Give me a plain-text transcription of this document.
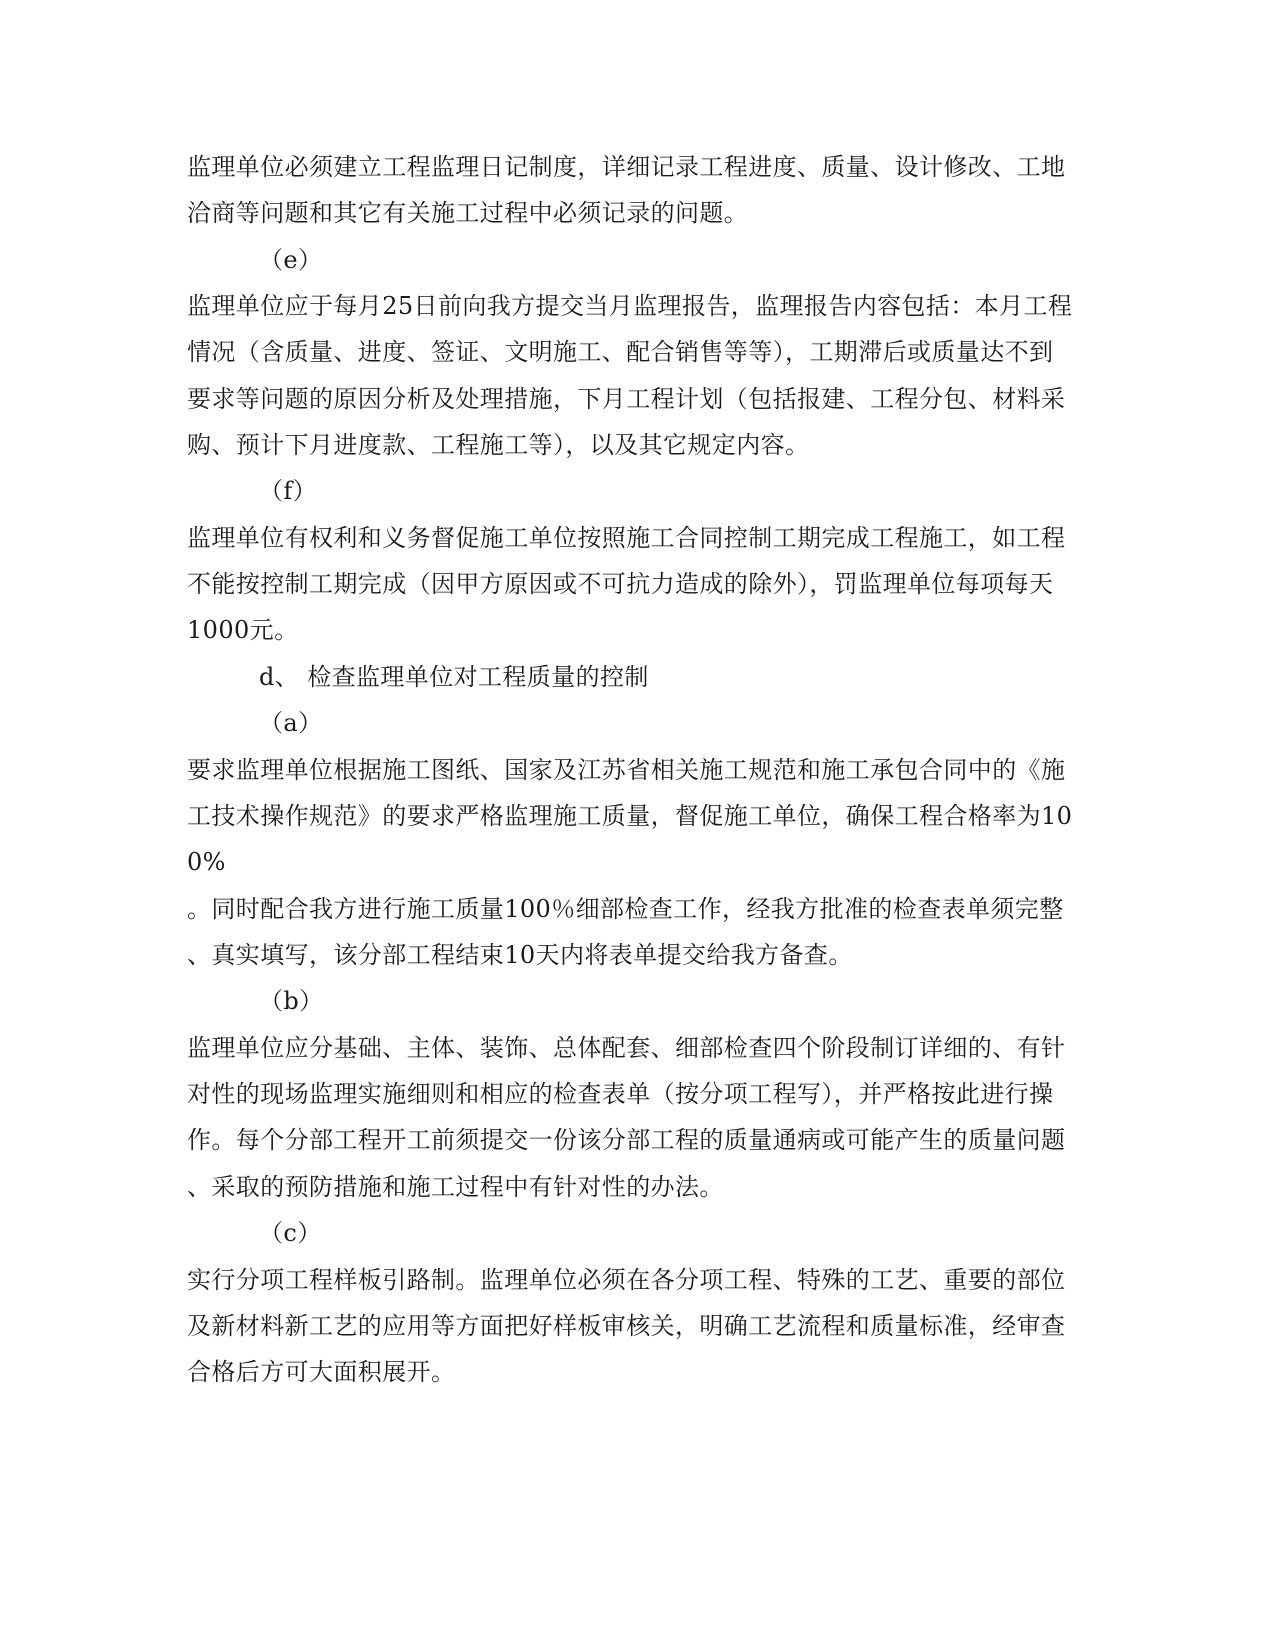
监理单位必须建立工程监理日记制度，详细记录工程进度、质量、设计修改、工地
洽商等问题和其它有关施工过程中必须记录的问题。
（e）
监理单位应于每月25日前向我方提交当月监理报告，监理报告内容包括：本月工程
情况（含质量、进度、签证、文明施工、配合销售等等），工期滞后或质量达不到
要求等问题的原因分析及处理措施，下月工程计划（包括报建、工程分包、材料采
购、预计下月进度款、工程施工等），以及其它规定内容。
（f）
监理单位有权利和义务督促施工单位按照施工合同控制工期完成工程施工，如工程
不能按控制工期完成（因甲方原因或不可抗力造成的除外），罚监理单位每项每天
1000元。
d、 检查监理单位对工程质量的控制
（a）
要求监理单位根据施工图纸、国家及江苏省相关施工规范和施工承包合同中的《施
工技术操作规范》的要求严格监理施工质量，督促施工单位，确保工程合格率为10
0%
。同时配合我方进行施工质量100％细部检查工作，经我方批准的检查表单须完整
、真实填写，该分部工程结束10天内将表单提交给我方备查。
（b）
监理单位应分基础、主体、装饰、总体配套、细部检查四个阶段制订详细的、有针
对性的现场监理实施细则和相应的检查表单（按分项工程写），并严格按此进行操
作。每个分部工程开工前须提交一份该分部工程的质量通病或可能产生的质量问题
、采取的预防措施和施工过程中有针对性的办法。
（c）
实行分项工程样板引路制。监理单位必须在各分项工程、特殊的工艺、重要的部位
及新材料新工艺的应用等方面把好样板审核关，明确工艺流程和质量标准，经审查
合格后方可大面积展开。
